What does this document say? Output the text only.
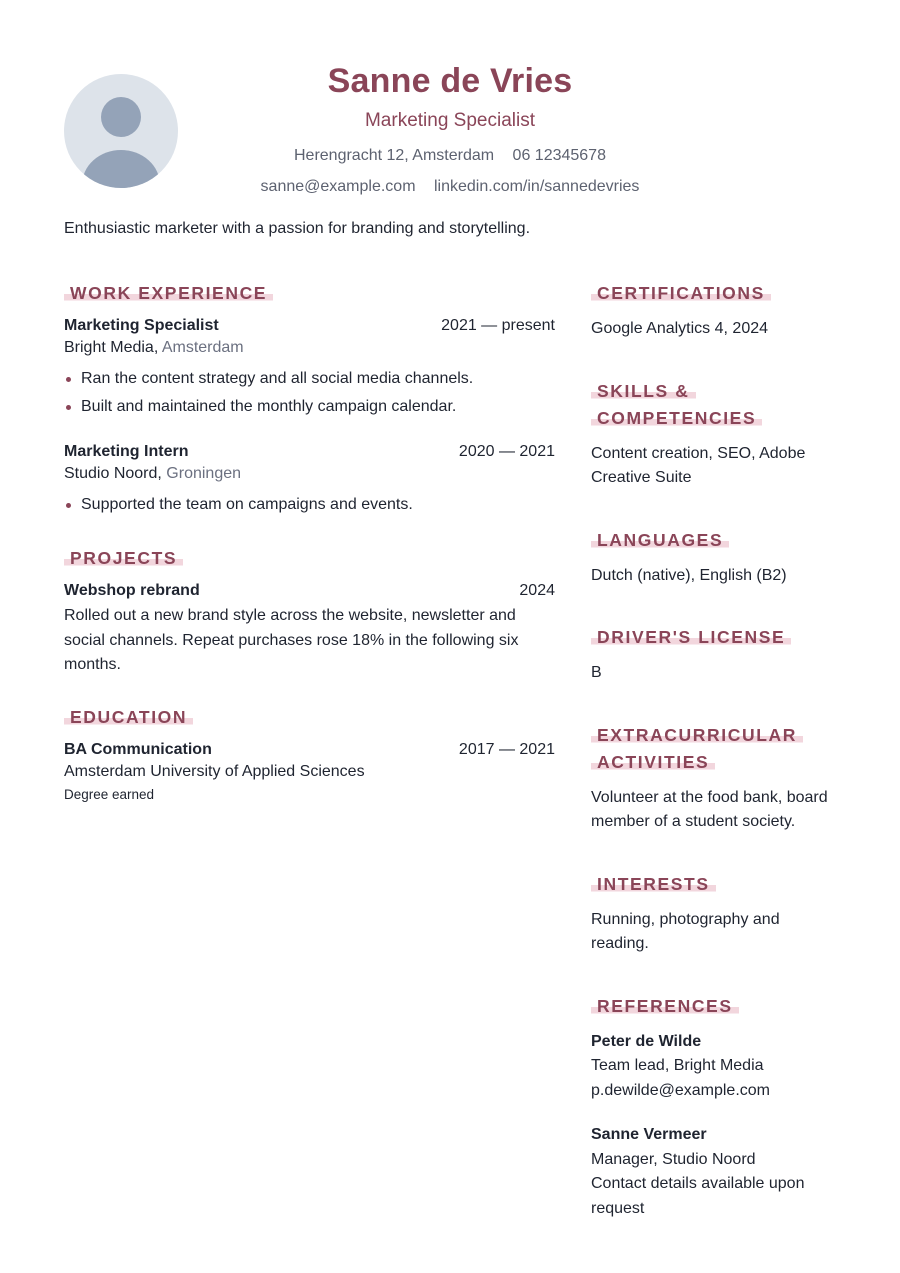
Sanne de Vries
Marketing Specialist
Herengracht 12, Amsterdam 06 12345678
sanne@example.com linkedin.com/in/sannedevries
Enthusiastic marketer with a passion for branding and storytelling.
WORK EXPERIENCE
Marketing Specialist	2021 — present
Bright Media, Amsterdam
Ran the content strategy and all social media channels.
Built and maintained the monthly campaign calendar.
Marketing Intern	2020 — 2021
Studio Noord, Groningen
Supported the team on campaigns and events.
PROJECTS
Webshop rebrand	2024
Rolled out a new brand style across the website, newsletter and social channels. Repeat purchases rose 18% in the following six months.
EDUCATION
BA Communication	2017 — 2021
Amsterdam University of Applied Sciences
Degree earned
CERTIFICATIONS
Google Analytics 4, 2024
SKILLS & COMPETENCIES
Content creation, SEO, Adobe Creative Suite
LANGUAGES
Dutch (native), English (B2)
DRIVER'S LICENSE
B
EXTRACURRICULAR ACTIVITIES
Volunteer at the food bank, board member of a student society.
INTERESTS
Running, photography and reading.
REFERENCES
Peter de Wilde
Team lead, Bright Media
p.dewilde@example.com
Sanne Vermeer
Manager, Studio Noord
Contact details available upon request
